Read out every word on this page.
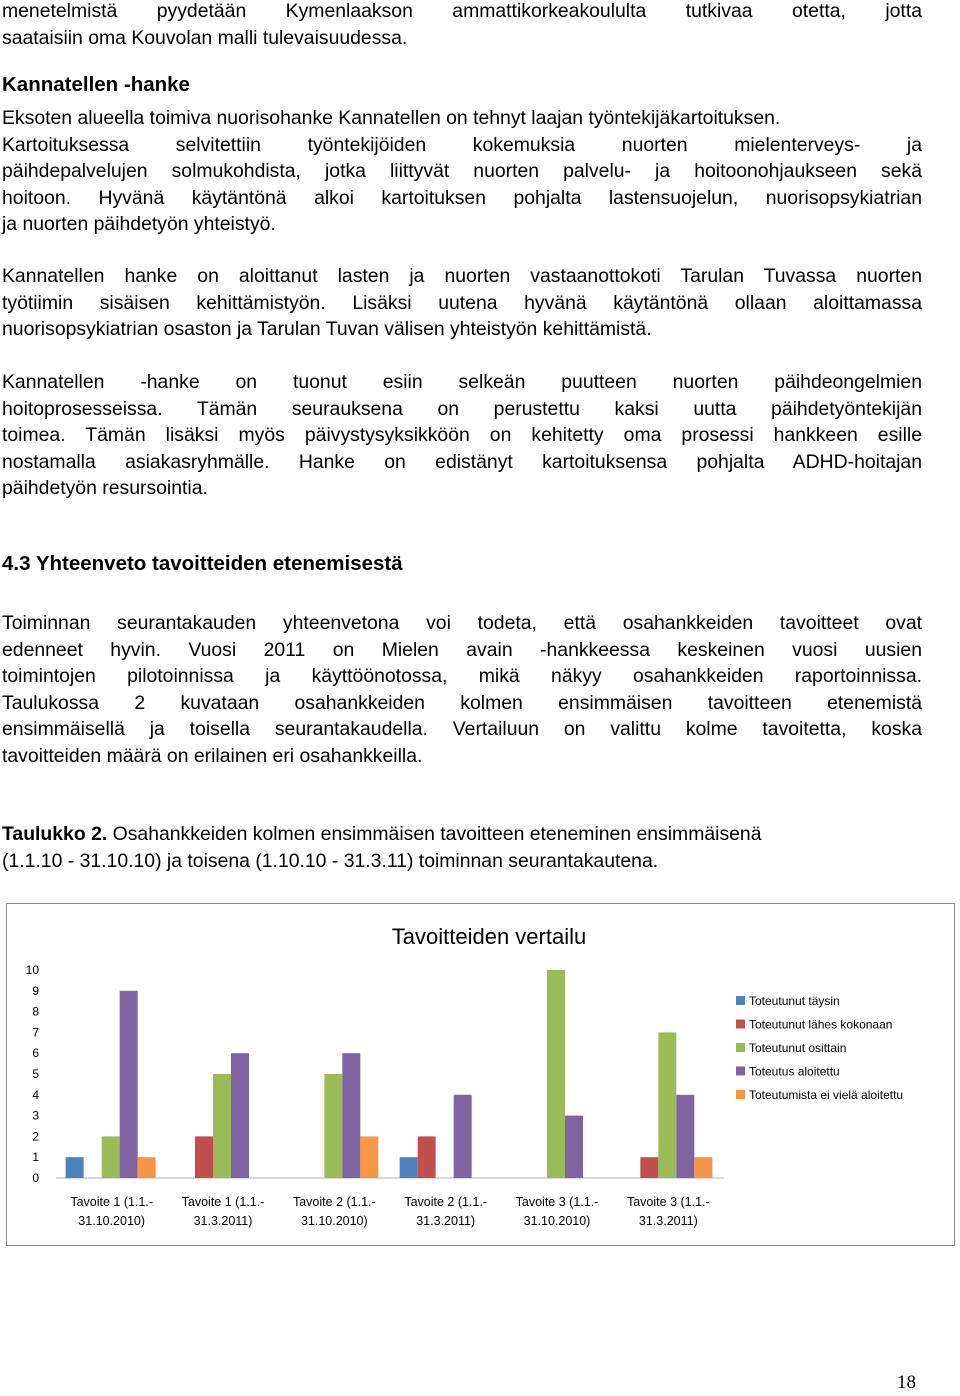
menetelmistä pyydetään Kymenlaakson ammattikorkeakoululta tutkivaa otetta, jotta
saataisiin oma Kouvolan malli tulevaisuudessa.
Kannatellen -hanke
Eksoten alueella toimiva nuorisohanke Kannatellen on tehnyt laajan työntekijäkartoituksen.
Kartoituksessa selvitettiin työntekijöiden kokemuksia nuorten mielenterveys- ja
päihdepalvelujen solmukohdista, jotka liittyvät nuorten palvelu- ja hoitoonohjaukseen sekä
hoitoon. Hyvänä käytäntönä alkoi kartoituksen pohjalta lastensuojelun, nuorisopsykiatrian
ja nuorten päihdetyön yhteistyö.
Kannatellen hanke on aloittanut lasten ja nuorten vastaanottokoti Tarulan Tuvassa nuorten
työtiimin sisäisen kehittämistyön. Lisäksi uutena hyvänä käytäntönä ollaan aloittamassa
nuorisopsykiatrian osaston ja Tarulan Tuvan välisen yhteistyön kehittämistä.
Kannatellen -hanke on tuonut esiin selkeän puutteen nuorten päihdeongelmien
hoitoprosesseissa. Tämän seurauksena on perustettu kaksi uutta päihdetyöntekijän
toimea. Tämän lisäksi myös päivystysyksikköön on kehitetty oma prosessi hankkeen esille
nostamalla asiakasryhmälle. Hanke on edistänyt kartoituksensa pohjalta ADHD-hoitajan
päihdetyön resursointia.
4.3 Yhteenveto tavoitteiden etenemisestä
Toiminnan seurantakauden yhteenvetona voi todeta, että osahankkeiden tavoitteet ovat
edenneet hyvin. Vuosi 2011 on Mielen avain -hankkeessa keskeinen vuosi uusien
toimintojen pilotoinnissa ja käyttöönotossa, mikä näkyy osahankkeiden raportoinnissa.
Taulukossa 2 kuvataan osahankkeiden kolmen ensimmäisen tavoitteen etenemistä
ensimmäisellä ja toisella seurantakaudella. Vertailuun on valittu kolme tavoitetta, koska
tavoitteiden määrä on erilainen eri osahankkeilla.
Taulukko 2. Osahankkeiden kolmen ensimmäisen tavoitteen eteneminen ensimmäisenä
(1.1.10 - 31.10.10) ja toisena (1.10.10 - 31.3.11) toiminnan seurantakautena.
Tavoitteiden vertailu
0
1
2
3
4
5
6
7
8
9
10
Tavoite 1 (1.1.-
31.10.2010)
Tavoite 1 (1.1.-
31.3.2011)
Tavoite 2 (1.1.-
31.10.2010)
Tavoite 2 (1.1.-
31.3.2011)
Tavoite 3 (1.1.-
31.10.2010)
Tavoite 3 (1.1.-
31.3.2011)
Toteutunut täysin
Toteutunut lähes kokonaan
Toteutunut osittain
Toteutus aloitettu
Toteutumista ei vielä aloitettu
18
